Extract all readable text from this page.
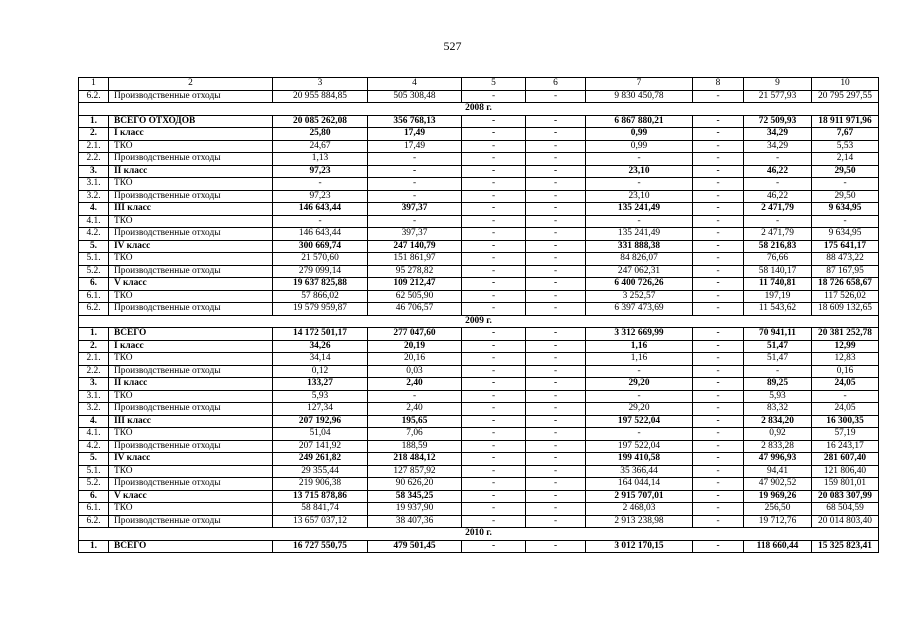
527
1	2	3	4	5	6	7	8	9	10
6.2.	Производственные отходы	20 955 884,85	505 308,48	-	-	9 830 450,78	-	21 577,93	20 795 297,55
2008 г.									
1.	ВСЕГО ОТХОДОВ	20 085 262,08	356 768,13	-	-	6 867 880,21	-	72 509,93	18 911 971,96
2.	I класс	25,80	17,49	-	-	0,99	-	34,29	7,67
2.1.	ТКО	24,67	17,49	-	-	0,99	-	34,29	5,53
2.2.	Производственные отходы	1,13	-	-	-	-	-	-	2,14
3.	II класс	97,23	-	-	-	23,10	-	46,22	29,50
3.1.	ТКО	-	-	-	-	-	-	-	-
3.2.	Производственные отходы	97,23	-	-	-	23,10	-	46,22	29,50
4.	III класс	146 643,44	397,37	-	-	135 241,49	-	2 471,79	9 634,95
4.1.	ТКО	-	-	-	-	-	-	-	-
4.2.	Производственные отходы	146 643,44	397,37	-	-	135 241,49	-	2 471,79	9 634,95
5.	IV класс	300 669,74	247 140,79	-	-	331 888,38	-	58 216,83	175 641,17
5.1.	ТКО	21 570,60	151 861,97	-	-	84 826,07	-	76,66	88 473,22
5.2.	Производственные отходы	279 099,14	95 278,82	-	-	247 062,31	-	58 140,17	87 167,95
6.	V класс	19 637 825,88	109 212,47	-	-	6 400 726,26	-	11 740,81	18 726 658,67
6.1.	ТКО	57 866,02	62 505,90	-	-	3 252,57	-	197,19	117 526,02
6.2.	Производственные отходы	19 579 959,87	46 706,57	-	-	6 397 473,69	-	11 543,62	18 609 132,65
2009 г.									
1.	ВСЕГО	14 172 501,17	277 047,60	-	-	3 312 669,99	-	70 941,11	20 381 252,78
2.	I класс	34,26	20,19	-	-	1,16	-	51,47	12,99
2.1.	ТКО	34,14	20,16	-	-	1,16	-	51,47	12,83
2.2.	Производственные отходы	0,12	0,03	-	-	-	-	-	0,16
3.	II класс	133,27	2,40	-	-	29,20	-	89,25	24,05
3.1.	ТКО	5,93	-	-	-	-	-	5,93	-
3.2.	Производственные отходы	127,34	2,40	-	-	29,20	-	83,32	24,05
4.	III класс	207 192,96	195,65	-	-	197 522,04	-	2 834,20	16 300,35
4.1.	ТКО	51,04	7,06	-	-	-	-	0,92	57,19
4.2.	Производственные отходы	207 141,92	188,59	-	-	197 522,04	-	2 833,28	16 243,17
5.	IV класс	249 261,82	218 484,12	-	-	199 410,58	-	47 996,93	281 607,40
5.1.	ТКО	29 355,44	127 857,92	-	-	35 366,44	-	94,41	121 806,40
5.2.	Производственные отходы	219 906,38	90 626,20	-	-	164 044,14	-	47 902,52	159 801,01
6.	V класс	13 715 878,86	58 345,25	-	-	2 915 707,01	-	19 969,26	20 083 307,99
6.1.	ТКО	58 841,74	19 937,90	-	-	2 468,03	-	256,50	68 504,59
6.2.	Производственные отходы	13 657 037,12	38 407,36	-	-	2 913 238,98	-	19 712,76	20 014 803,40
2010 г.									
1.	ВСЕГО	16 727 550,75	479 501,45	-	-	3 012 170,15	-	118 660,44	15 325 823,41
